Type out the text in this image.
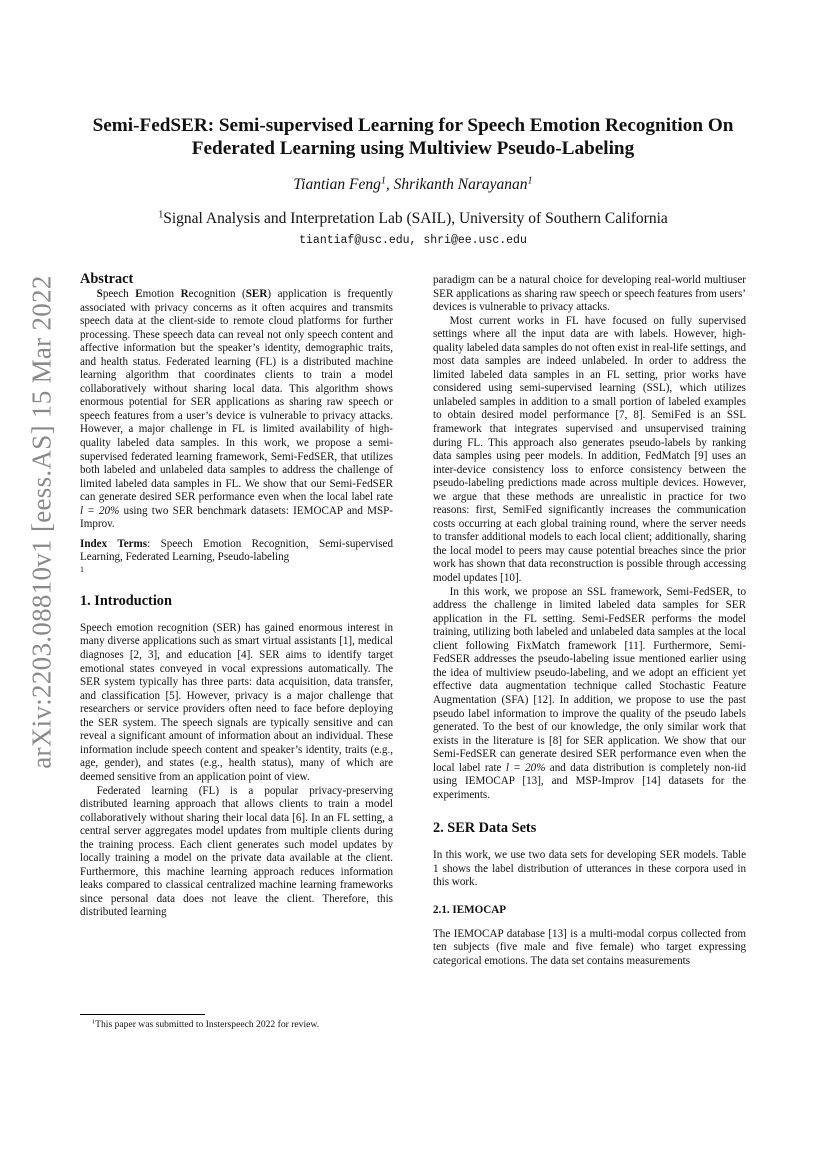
arXiv:2203.08810v1 [eess.AS] 15 Mar 2022
Semi-FedSER: Semi-supervised Learning for Speech Emotion Recognition On
Federated Learning using Multiview Pseudo-Labeling
Tiantian Feng$^1$, Shrikanth Narayanan$^1$
$^1$Signal Analysis and Interpretation Lab (SAIL), University of Southern California
tiantiaf@usc.edu, shri@ee.usc.edu

Abstract

Speech Emotion Recognition (SER) application is frequently associated with privacy concerns as it often acquires and transmits speech data at the client-side to remote cloud platforms for further processing. These speech data can reveal not only speech content and affective information but the speaker’s identity, demographic traits, and health status. Federated learning (FL) is a distributed machine learning algorithm that coordinates clients to train a model collaboratively without sharing local data. This algorithm shows enormous potential for SER applications as sharing raw speech or speech features from a user’s device is vulnerable to privacy attacks. However, a major challenge in FL is limited availability of high-quality labeled data samples. In this work, we propose a semi-supervised federated learning framework, Semi-FedSER, that utilizes both labeled and unlabeled data samples to address the challenge of limited labeled data samples in FL. We show that our Semi-FedSER can generate desired SER performance even when the local label rate l = 20% using two SER benchmark datasets: IEMOCAP and MSP-Improv.

Index Terms: Speech Emotion Recognition, Semi-supervised Learning, Federated Learning, Pseudo-labeling

1

1. Introduction

Speech emotion recognition (SER) has gained enormous interest in many diverse applications such as smart virtual assistants [1], medical diagnoses [2, 3], and education [4]. SER aims to identify target emotional states conveyed in vocal expressions automatically. The SER system typically has three parts: data acquisition, data transfer, and classification [5]. However, privacy is a major challenge that researchers or service providers often need to face before deploying the SER system. The speech signals are typically sensitive and can reveal a significant amount of information about an individual. These information include speech content and speaker’s identity, traits (e.g., age, gender), and states (e.g., health status), many of which are deemed sensitive from an application point of view.

Federated learning (FL) is a popular privacy-preserving distributed learning approach that allows clients to train a model collaboratively without sharing their local data [6]. In an FL setting, a central server aggregates model updates from multiple clients during the training process. Each client generates such model updates by locally training a model on the private data available at the client. Furthermore, this machine learning approach reduces information leaks compared to classical centralized machine learning frameworks since personal data does not leave the client. Therefore, this distributed learning

paradigm can be a natural choice for developing real-world multiuser SER applications as sharing raw speech or speech features from users’ devices is vulnerable to privacy attacks.

Most current works in FL have focused on fully supervised settings where all the input data are with labels. However, high-quality labeled data samples do not often exist in real-life settings, and most data samples are indeed unlabeled. In order to address the limited labeled data samples in an FL setting, prior works have considered using semi-supervised learning (SSL), which utilizes unlabeled samples in addition to a small portion of labeled examples to obtain desired model performance [7, 8]. SemiFed is an SSL framework that integrates supervised and unsupervised training during FL. This approach also generates pseudo-labels by ranking data samples using peer models. In addition, FedMatch [9] uses an inter-device consistency loss to enforce consistency between the pseudo-labeling predictions made across multiple devices. However, we argue that these methods are unrealistic in practice for two reasons: first, SemiFed significantly increases the communication costs occurring at each global training round, where the server needs to transfer additional models to each local client; additionally, sharing the local model to peers may cause potential breaches since the prior work has shown that data reconstruction is possible through accessing model updates [10].

In this work, we propose an SSL framework, Semi-FedSER, to address the challenge in limited labeled data samples for SER application in the FL setting. Semi-FedSER performs the model training, utilizing both labeled and unlabeled data samples at the local client following FixMatch framework [11]. Furthermore, Semi-FedSER addresses the pseudo-labeling issue mentioned earlier using the idea of multiview pseudo-labeling, and we adopt an efficient yet effective data augmentation technique called Stochastic Feature Augmentation (SFA) [12]. In addition, we propose to use the past pseudo label information to improve the quality of the pseudo labels generated. To the best of our knowledge, the only similar work that exists in the literature is [8] for SER application. We show that our Semi-FedSER can generate desired SER performance even when the local label rate l = 20% and data distribution is completely non-iid using IEMOCAP [13], and MSP-Improv [14] datasets for the experiments.

2. SER Data Sets

In this work, we use two data sets for developing SER models. Table 1 shows the label distribution of utterances in these corpora used in this work.

2.1. IEMOCAP

The IEMOCAP database [13] is a multi-modal corpus collected from ten subjects (five male and five female) who target expressing categorical emotions. The data set contains measurements

$^1$This paper was submitted to Insterspeech 2022 for review.
